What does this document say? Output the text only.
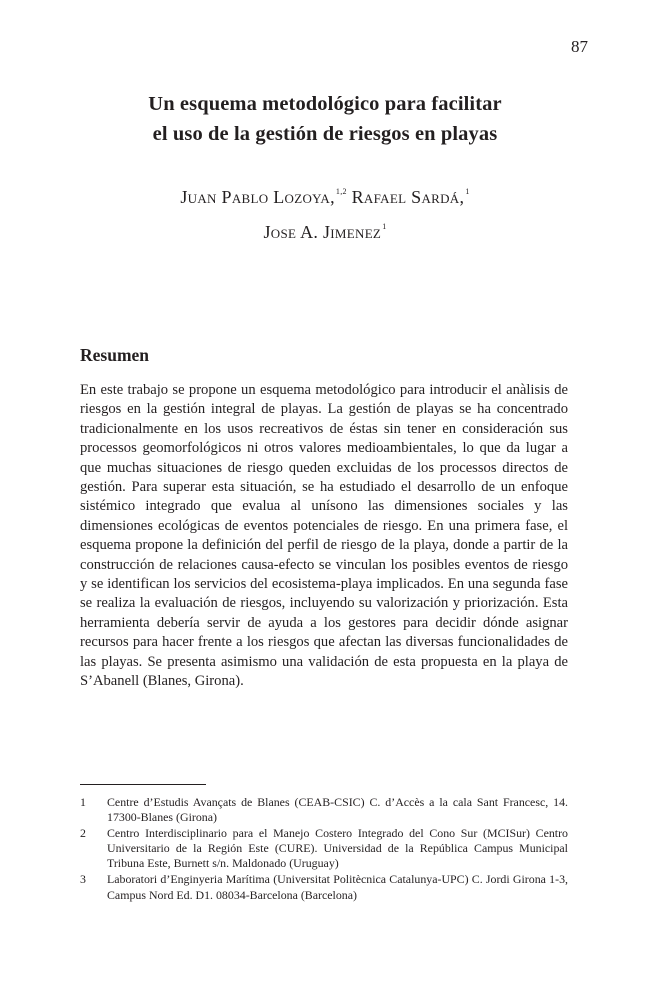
87
Un esquema metodológico para facilitar
el uso de la gestión de riesgos en playas
Juan Pablo Lozoya,$^{1,2}$ Rafael Sardá,$^1$
Jose A. Jimenez$^1$
Resumen

En este trabajo se propone un esquema metodológico para introducir el anàlisis de riesgos en la gestión integral de playas. La gestión de playas se ha concentrado tradicionalmente en los usos recreativos de éstas sin tener en consideración sus processos geomorfológicos ni otros valores medioambientales, lo que da lugar a que muchas situaciones de riesgo queden excluidas de los processos directos de gestión. Para superar esta situación, se ha estudiado el desarrollo de un enfoque sistémico integrado que evalua al unísono las dimensiones sociales y las dimensiones ecológicas de eventos potenciales de riesgo. En una primera fase, el esquema propone la definición del perfil de riesgo de la playa, donde a partir de la construcción de relaciones causa-efecto se vinculan los posibles eventos de riesgo y se identifican los servicios del ecosistema-playa implicados. En una segunda fase se realiza la evaluación de riesgos, incluyendo su valorización y priorización. Esta herramienta debería servir de ayuda a los gestores para decidir dónde asignar recursos para hacer frente a los riesgos que afectan las diversas funcionalidades de las playas. Se presenta asimismo una validación de esta propuesta en la playa de S’Abanell (Blanes, Girona).

1	Centre d’Estudis Avançats de Blanes (CEAB-CSIC) C. d’Accès a la cala Sant Francesc, 14. 17300-Blanes (Girona)
2	Centro Interdisciplinario para el Manejo Costero Integrado del Cono Sur (MCISur) Centro Universitario de la Región Este (CURE). Universidad de la República Campus Municipal Tribuna Este, Burnett s/n. Maldonado (Uruguay)
3	Laboratori d’Enginyeria Marítima (Universitat Politècnica Catalunya-UPC) C. Jordi Girona 1-3, Campus Nord Ed. D1. 08034-Barcelona (Barcelona)
